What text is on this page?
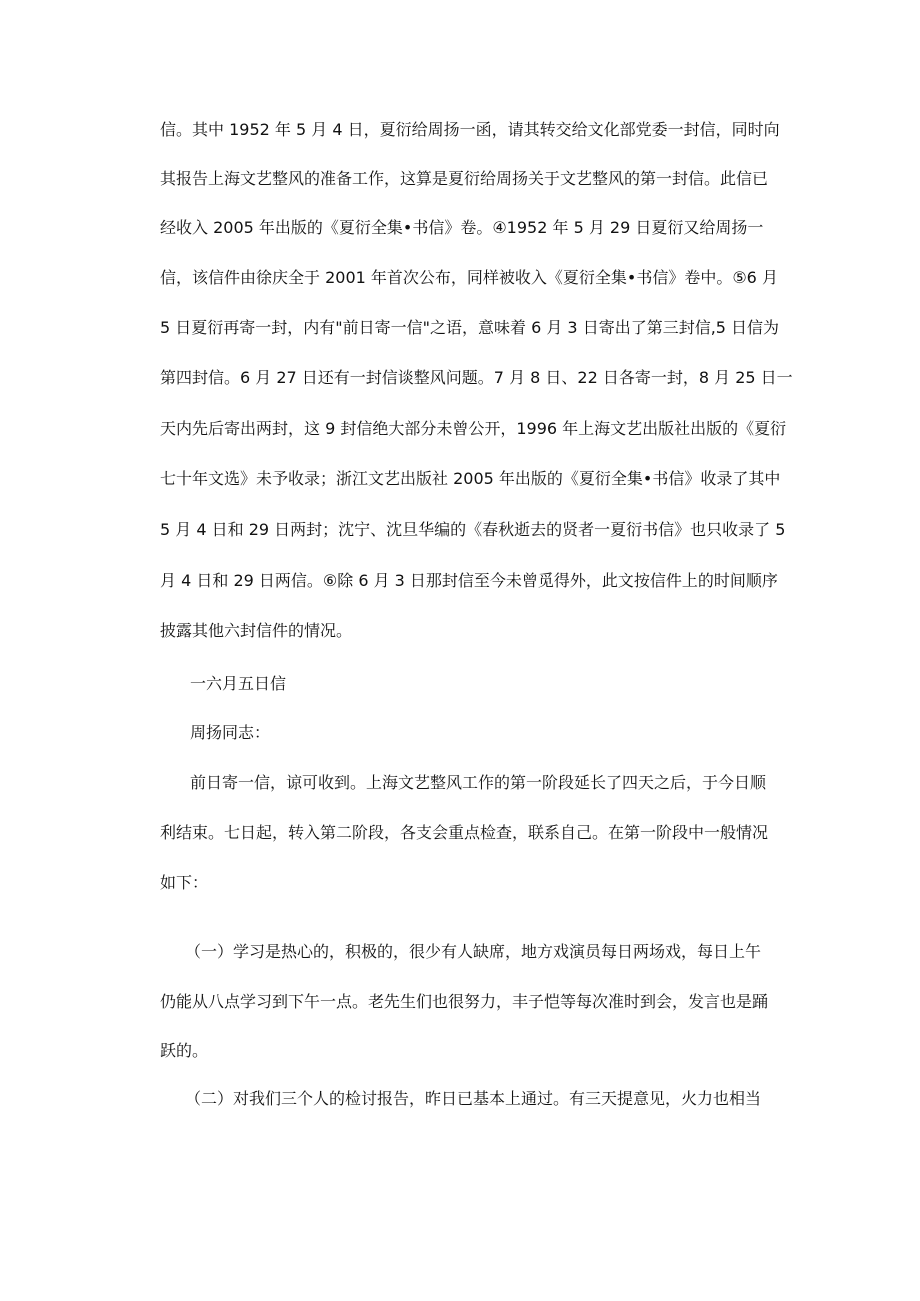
信。其中 1952 年 5 月 4 日，夏衍给周扬一函，请其转交给文化部党委一封信，同时向
其报告上海文艺整风的准备工作，这算是夏衍给周扬关于文艺整风的第一封信。此信已
经收入 2005 年出版的《夏衍全集•书信》卷。④1952 年 5 月 29 日夏衍又给周扬一
信，该信件由徐庆全于 2001 年首次公布，同样被收入《夏衍全集•书信》卷中。⑤6 月
5 日夏衍再寄一封，内有"前日寄一信"之语，意味着 6 月 3 日寄出了第三封信,5 日信为
第四封信。6 月 27 日还有一封信谈整风问题。7 月 8 日、22 日各寄一封，8 月 25 日一
天内先后寄出两封，这 9 封信绝大部分未曾公开，1996 年上海文艺出版社出版的《夏衍
七十年文选》未予收录；浙江文艺出版社 2005 年出版的《夏衍全集•书信》收录了其中
5 月 4 日和 29 日两封；沈宁、沈旦华编的《春秋逝去的贤者一夏衍书信》也只收录了 5
月 4 日和 29 日两信。⑥除 6 月 3 日那封信至今未曾觅得外，此文按信件上的时间顺序
披露其他六封信件的情况。
一六月五日信
周扬同志：
前日寄一信，谅可收到。上海文艺整风工作的第一阶段延长了四天之后，于今日顺
利结束。七日起，转入第二阶段，各支会重点检查，联系自己。在第一阶段中一般情况
如下：
（一）学习是热心的，积极的，很少有人缺席，地方戏演员每日两场戏，每日上午
仍能从八点学习到下午一点。老先生们也很努力，丰子恺等每次准时到会，发言也是踊
跃的。
（二）对我们三个人的检讨报告，昨日已基本上通过。有三天提意见，火力也相当
